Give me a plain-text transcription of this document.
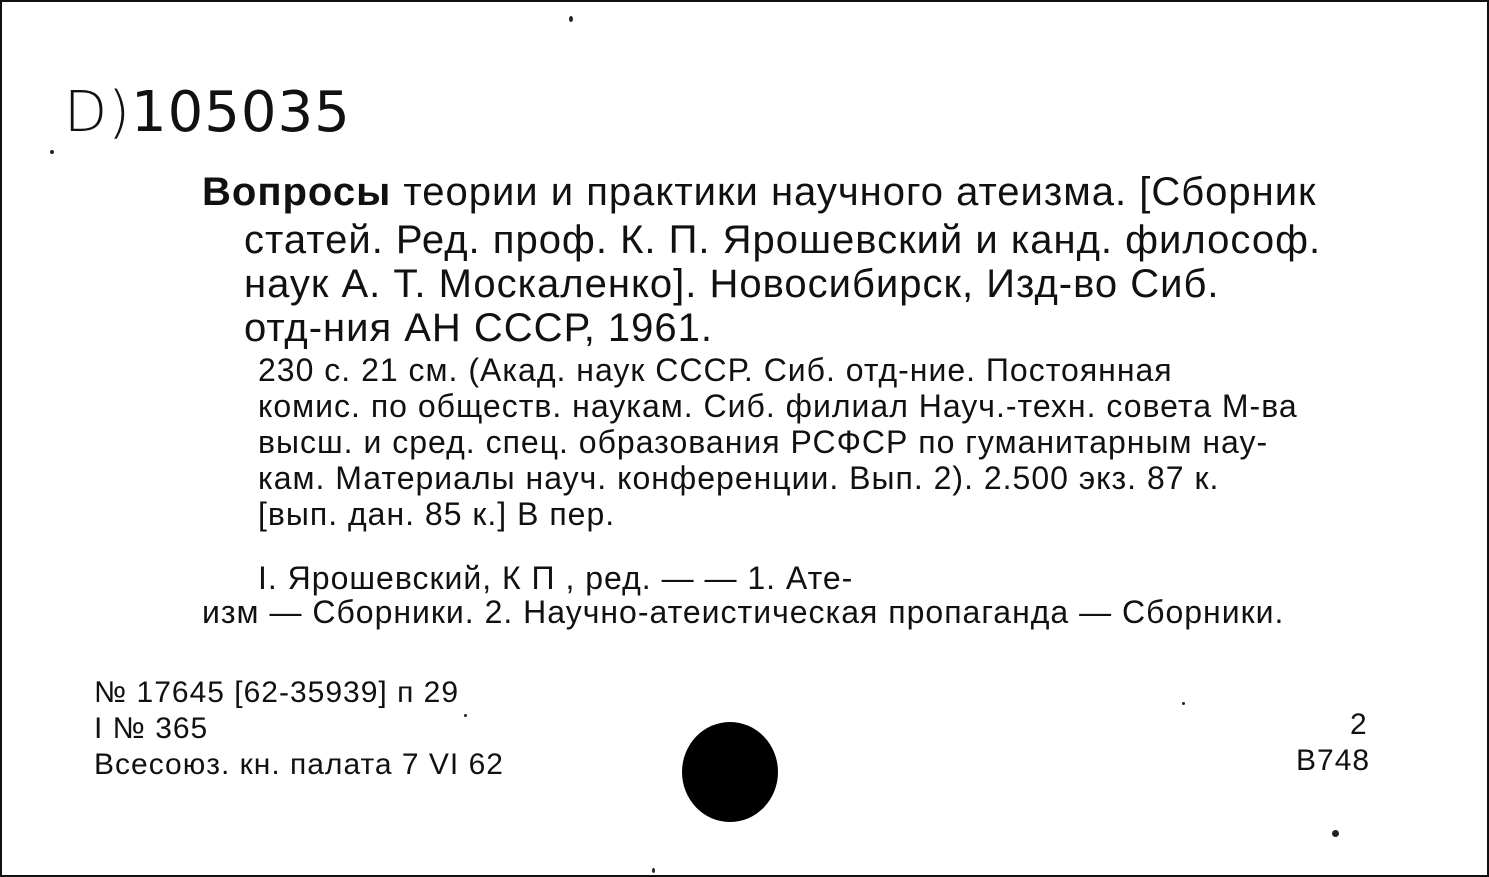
D)105035
Вопросы теории и практики научного атеизма. [Сборник
статей. Ред. проф. К. П. Ярошевский и канд. философ.
наук А. Т. Москаленко]. Новосибирск, Изд-во Сиб.
отд-ния АН СССР, 1961.
230 с. 21 см. (Акад. наук СССР. Сиб. отд-ние. Постоянная
комис. по обществ. наукам. Сиб. филиал Науч.-техн. совета М-ва
высш. и сред. спец. образования РСФСР по гуманитарным нау-
кам. Материалы науч. конференции. Вып. 2). 2.500 экз. 87 к.
[вып. дан. 85 к.] В пер.
I. Ярошевский, К П , ред. — — 1. Ате-
изм — Сборники. 2. Научно-атеистическая пропаганда — Сборники.
№ 17645 [62-35939] п 29
I № 365
Всесоюз. кн. палата 7 VI 62
2
В748
